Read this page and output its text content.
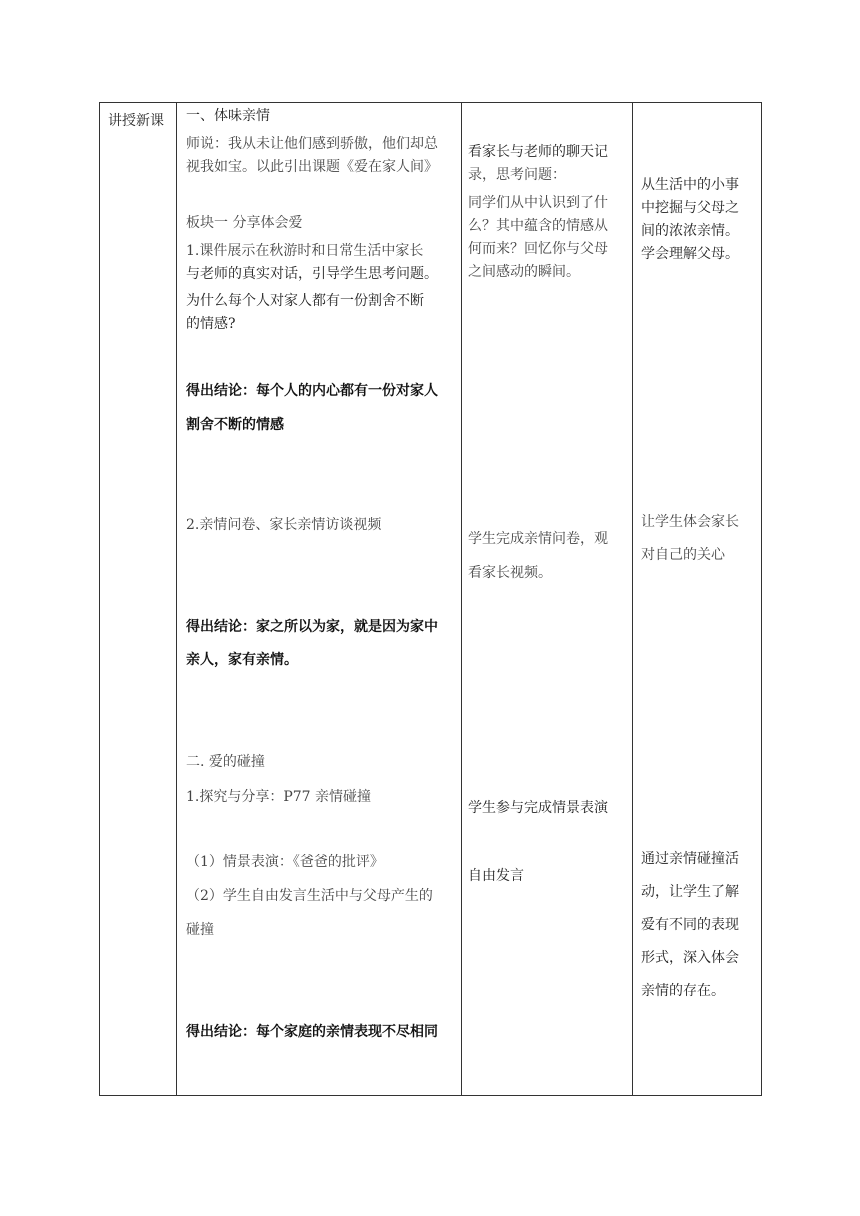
讲授新课 一、体味亲情
师说：我从未让他们感到骄傲，他们却总
视我如宝。以此引出课题《爱在家人间》
板块一 分享体会爱
1.课件展示在秋游时和日常生活中家长
与老师的真实对话，引导学生思考问题。
为什么每个人对家人都有一份割舍不断
的情感?
得出结论：每个人的内心都有一份对家人
割舍不断的情感
2.亲情问卷、家长亲情访谈视频
得出结论：家之所以为家，就是因为家中
亲人，家有亲情。
二. 爱的碰撞
1.探究与分享：P77 亲情碰撞
（1）情景表演：《爸爸的批评》
（2）学生自由发言生活中与父母产生的
碰撞
得出结论：每个家庭的亲情表现不尽相同
看家长与老师的聊天记
录，思考问题：
同学们从中认识到了什
么？其中蕴含的情感从
何而来？回忆你与父母
之间感动的瞬间。
学生完成亲情问卷，观
看家长视频。
学生参与完成情景表演
自由发言
从生活中的小事
中挖掘与父母之
间的浓浓亲情。
学会理解父母。
让学生体会家长
对自己的关心
通过亲情碰撞活
动，让学生了解
爱有不同的表现
形式，深入体会
亲情的存在。
